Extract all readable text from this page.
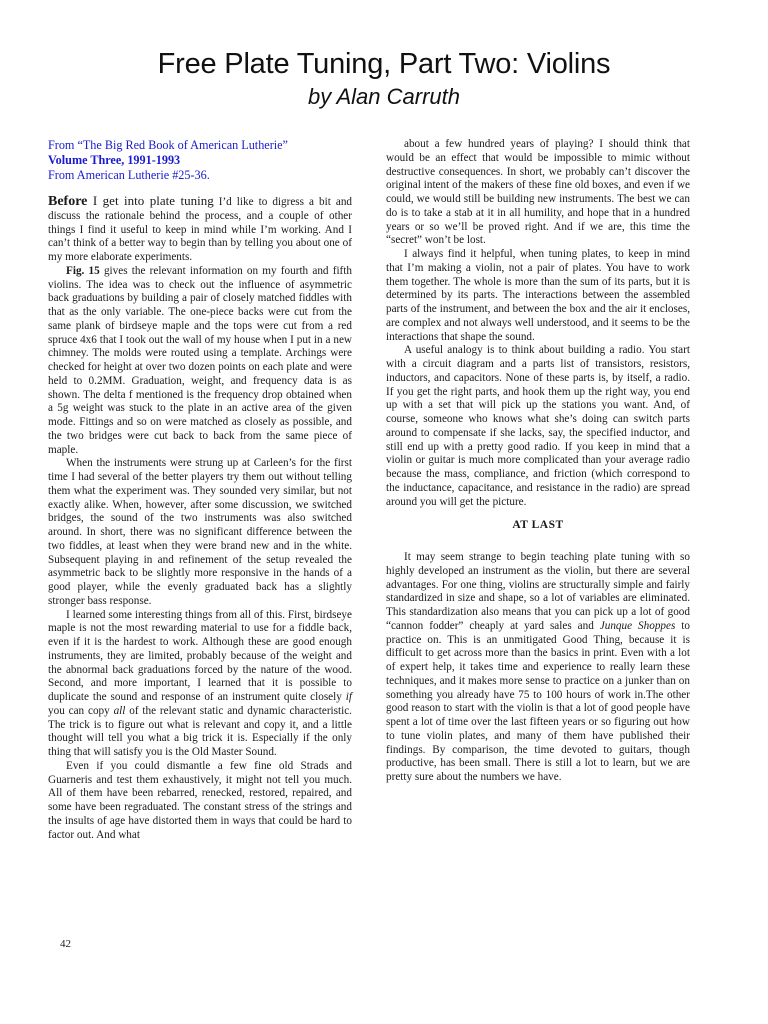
Free Plate Tuning, Part Two: Violins
by Alan Carruth
From “The Big Red Book of American Lutherie”
Volume Three, 1991-1993
From American Lutherie #25-36.

Before I get into plate tuning I’d like to digress a bit and discuss the rationale behind the process, and a couple of other things I find it useful to keep in mind while I’m working. And I can’t think of a better way to begin than by telling you about one of my more elaborate experiments.

Fig. 15 gives the relevant information on my fourth and fifth violins. The idea was to check out the influence of asymmetric back graduations by building a pair of closely matched fiddles with that as the only variable. The one-piece backs were cut from the same plank of birdseye maple and the tops were cut from a red spruce 4x6 that I took out the wall of my house when I put in a new chimney. The molds were routed using a template. Archings were checked for height at over two dozen points on each plate and were held to 0.2MM. Graduation, weight, and frequency data is as shown. The delta f mentioned is the frequency drop obtained when a 5g weight was stuck to the plate in an active area of the given mode. Fittings and so on were matched as closely as possible, and the two bridges were cut back to back from the same piece of maple.

When the instruments were strung up at Carleen’s for the first time I had several of the better players try them out without telling them what the experiment was. They sounded very similar, but not exactly alike. When, however, after some discussion, we switched bridges, the sound of the two instruments was also switched around. In short, there was no significant difference between the two fiddles, at least when they were brand new and in the white. Subsequent playing in and refinement of the setup revealed the asymmetric back to be slightly more responsive in the hands of a good player, while the evenly graduated back has a slightly stronger bass response.

I learned some interesting things from all of this. First, birdseye maple is not the most rewarding material to use for a fiddle back, even if it is the hardest to work. Although these are good enough instruments, they are limited, probably because of the weight and the abnormal back graduations forced by the nature of the wood. Second, and more important, I learned that it is possible to duplicate the sound and response of an instrument quite closely if you can copy all of the relevant static and dynamic characteristic. The trick is to figure out what is relevant and copy it, and a little thought will tell you what a big trick it is. Especially if the only thing that will satisfy you is the Old Master Sound.

Even if you could dismantle a few fine old Strads and Guarneris and test them exhaustively, it might not tell you much. All of them have been rebarred, renecked, restored, repaired, and some have been regraduated. The constant stress of the strings and the insults of age have distorted them in ways that could be hard to factor out. And what

about a few hundred years of playing? I should think that would be an effect that would be impossible to mimic without destructive consequences. In short, we probably can’t discover the original intent of the makers of these fine old boxes, and even if we could, we would still be building new instruments. The best we can do is to take a stab at it in all humility, and hope that in a hundred years or so we’ll be proved right. And if we are, this time the “secret” won’t be lost.

I always find it helpful, when tuning plates, to keep in mind that I’m making a violin, not a pair of plates. You have to work them together. The whole is more than the sum of its parts, but it is determined by its parts. The interactions between the assembled parts of the instrument, and between the box and the air it encloses, are complex and not always well understood, and it seems to be the interactions that shape the sound.

A useful analogy is to think about building a radio. You start with a circuit diagram and a parts list of transistors, resistors, inductors, and capacitors. None of these parts is, by itself, a radio. If you get the right parts, and hook them up the right way, you end up with a set that will pick up the stations you want. And, of course, someone who knows what she’s doing can switch parts around to compensate if she lacks, say, the specified inductor, and still end up with a pretty good radio. If you keep in mind that a violin or guitar is much more complicated than your average radio because the mass, compliance, and friction (which correspond to the inductance, capacitance, and resistance in the radio) are spread around you will get the picture.

AT LAST

It may seem strange to begin teaching plate tuning with so highly developed an instrument as the violin, but there are several advantages. For one thing, violins are structurally simple and fairly standardized in size and shape, so a lot of variables are eliminated. This standardization also means that you can pick up a lot of good “cannon fodder” cheaply at yard sales and Junque Shoppes to practice on. This is an unmitigated Good Thing, because it is difficult to get across more than the basics in print. Even with a lot of expert help, it takes time and experience to really learn these techniques, and it makes more sense to practice on a junker than on something you already have 75 to 100 hours of work in.The other good reason to start with the violin is that a lot of good people have spent a lot of time over the last fifteen years or so figuring out how to tune violin plates, and many of them have published their findings. By comparison, the time devoted to guitars, though productive, has been small. There is still a lot to learn, but we are pretty sure about the numbers we have.

42
